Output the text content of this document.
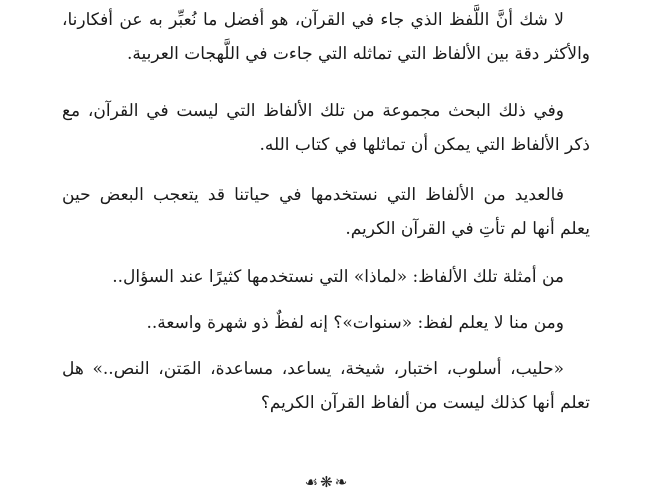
لا شك أنَّ اللَّفظ الذي جاء في القرآن، هو أفضل ما نُعبِّر به عن أفكارنا،
والأكثر دقة بين الألفاظ التي تماثله التي جاءت في اللَّهجات العربية.

وفي ذلك البحث مجموعة من تلك الألفاظ التي ليست في القرآن، مع
ذكر الألفاظ التي يمكن أن تماثلها في كتاب الله.

فالعديد من الألفاظ التي نستخدمها في حياتنا قد يتعجب البعض حين
يعلم أنها لم تأتِ في القرآن الكريم.

من أمثلة تلك الألفاظ: «لماذا» التي نستخدمها كثيرًا عند السؤال..

ومن منا لا يعلم لفظ: «سنوات»؟ إنه لفظٌ ذو شهرة واسعة..

«حليب، أسلوب، اختبار، شيخة، يساعد، مساعدة، المَتن، النص..» هل
تعلم أنها كذلك ليست من ألفاظ القرآن الكريم؟

☙ ❋ ❧
